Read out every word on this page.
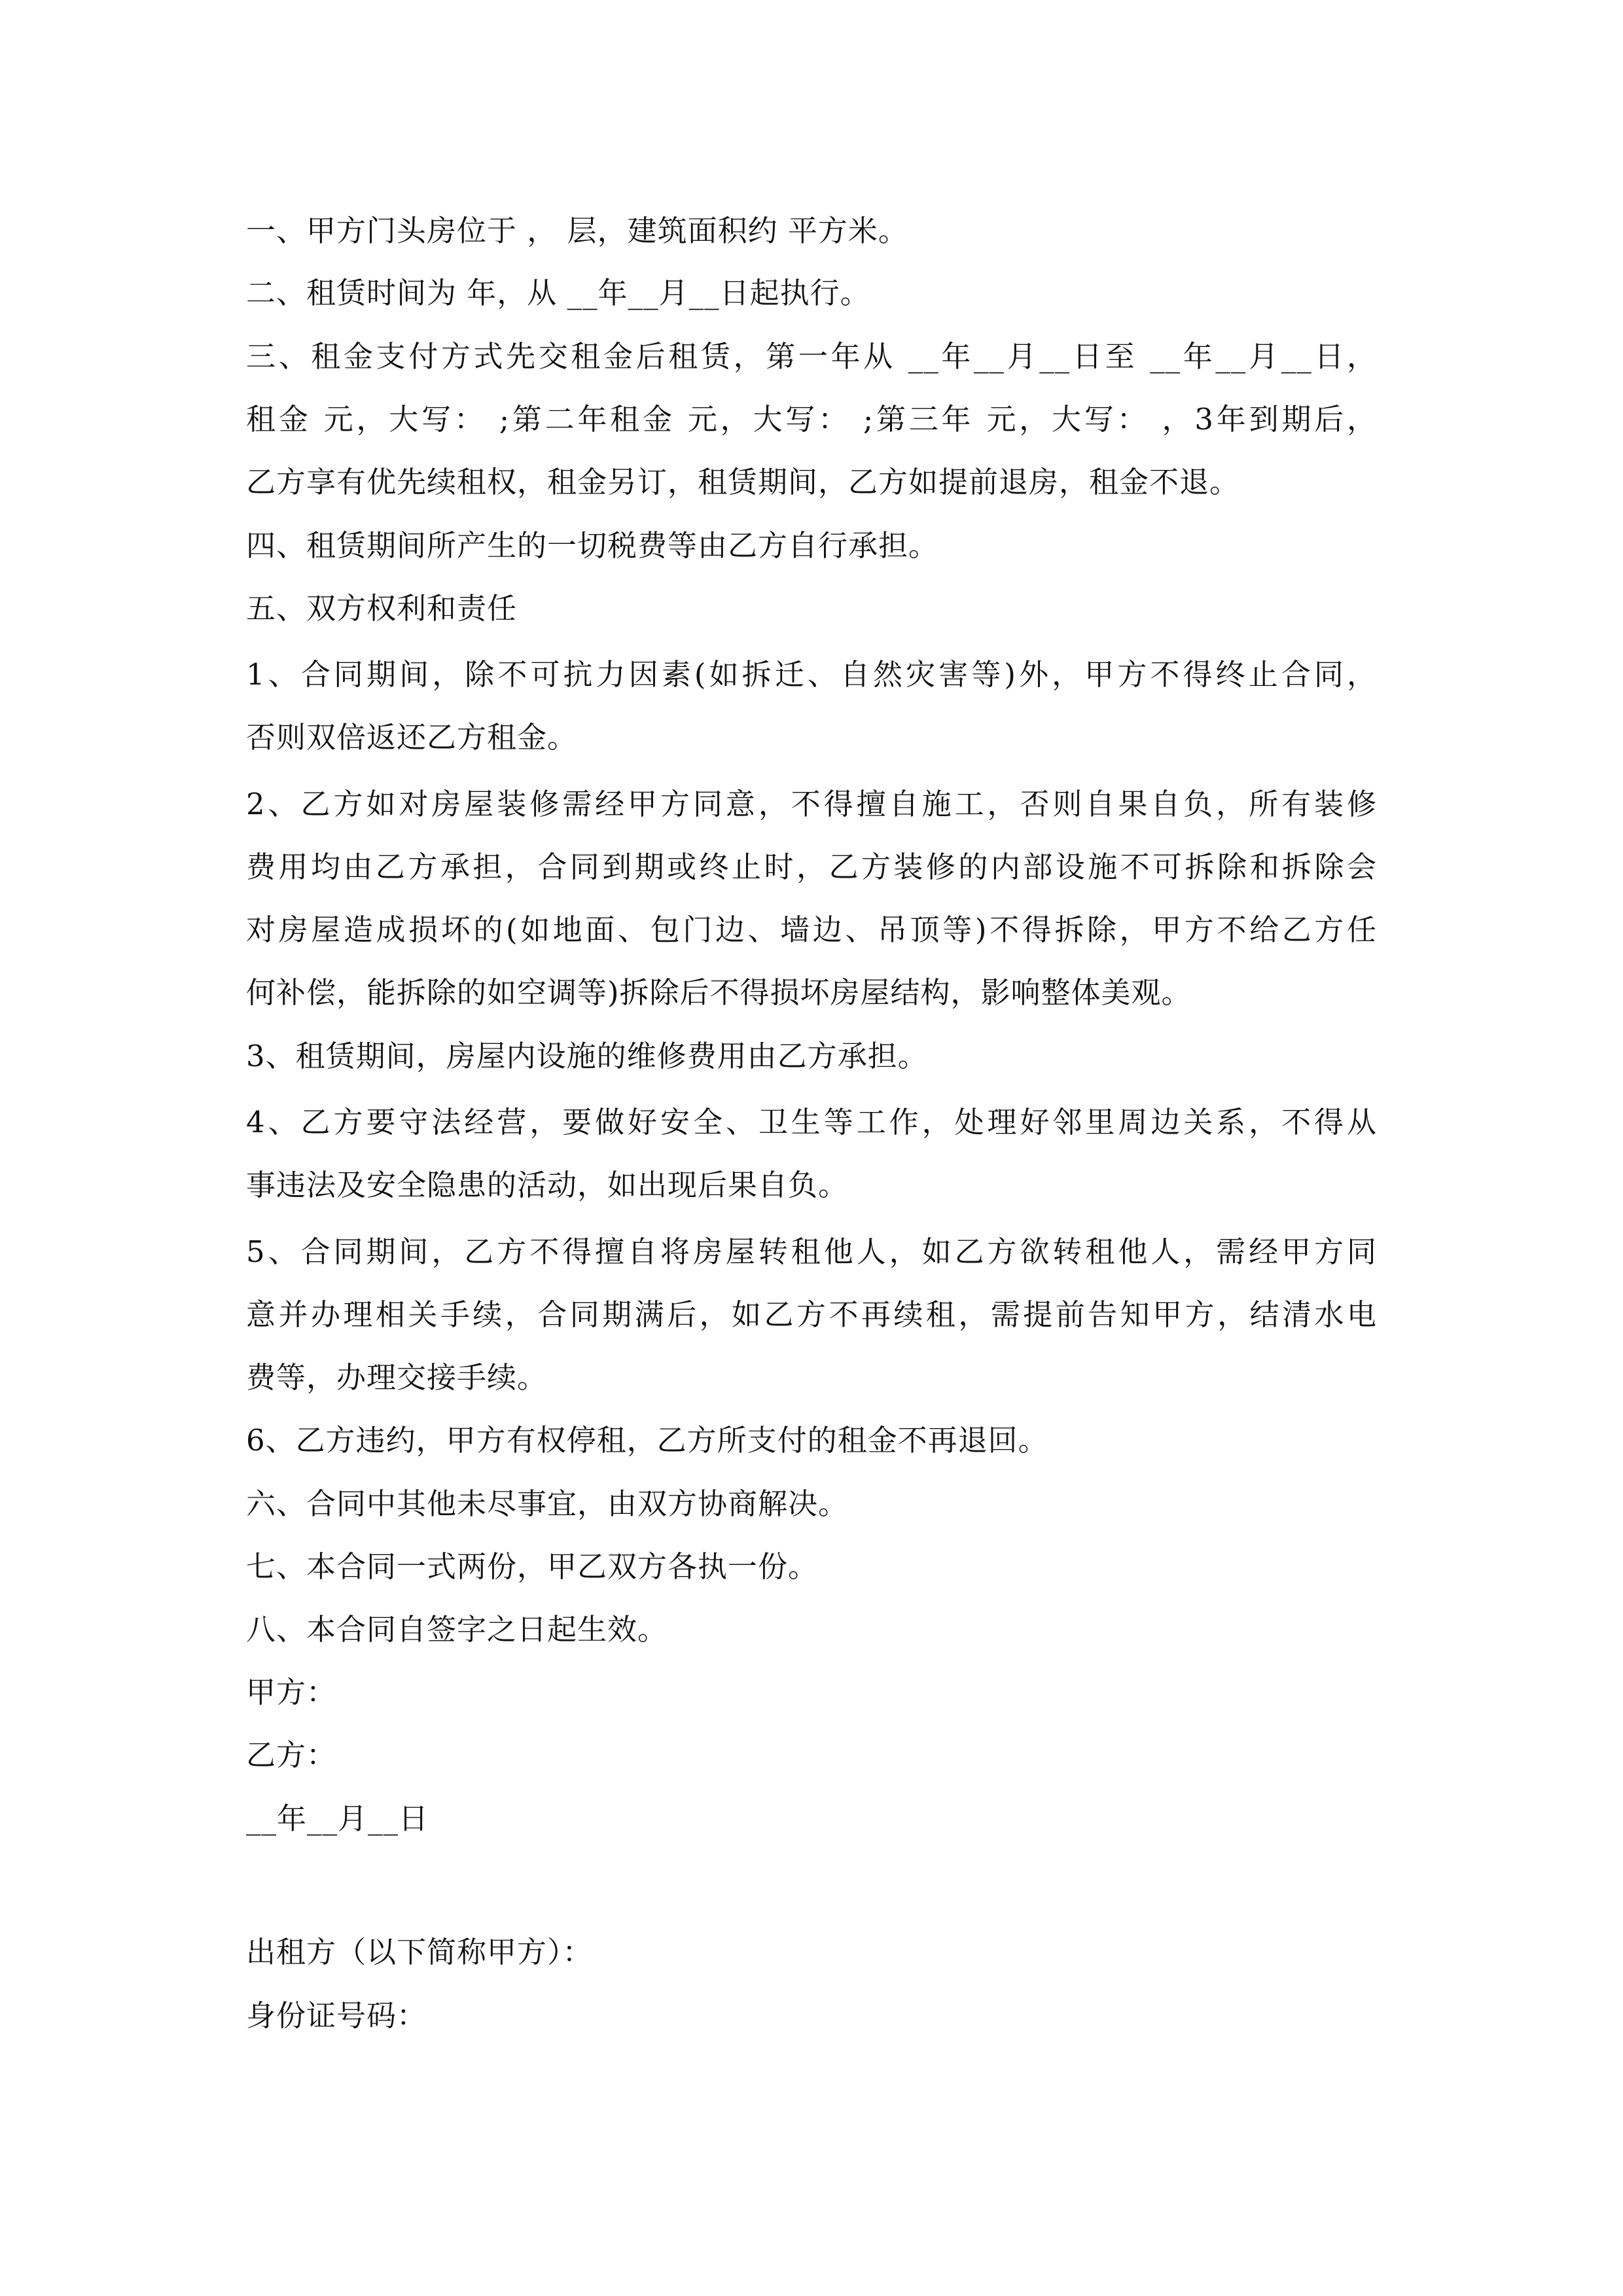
一、甲方门头房位于 ， 层，建筑面积约 平方米。
二、租赁时间为 年，从 __年__月__日起执行。
三、租金支付方式先交租金后租赁，第一年从 __年__月__日至 __年__月__日，
租金 元，大写： ;第二年租金 元，大写： ;第三年 元，大写： ，3年到期后，
乙方享有优先续租权，租金另订，租赁期间，乙方如提前退房，租金不退。
四、租赁期间所产生的一切税费等由乙方自行承担。
五、双方权利和责任
1、合同期间，除不可抗力因素(如拆迁、自然灾害等)外，甲方不得终止合同，
否则双倍返还乙方租金。
2、乙方如对房屋装修需经甲方同意，不得擅自施工，否则自果自负，所有装修
费用均由乙方承担，合同到期或终止时，乙方装修的内部设施不可拆除和拆除会
对房屋造成损坏的(如地面、包门边、墙边、吊顶等)不得拆除，甲方不给乙方任
何补偿，能拆除的如空调等)拆除后不得损坏房屋结构，影响整体美观。
3、租赁期间，房屋内设施的维修费用由乙方承担。
4、乙方要守法经营，要做好安全、卫生等工作，处理好邻里周边关系，不得从
事违法及安全隐患的活动，如出现后果自负。
5、合同期间，乙方不得擅自将房屋转租他人，如乙方欲转租他人，需经甲方同
意并办理相关手续，合同期满后，如乙方不再续租，需提前告知甲方，结清水电
费等，办理交接手续。
6、乙方违约，甲方有权停租，乙方所支付的租金不再退回。
六、合同中其他未尽事宜，由双方协商解决。
七、本合同一式两份，甲乙双方各执一份。
八、本合同自签字之日起生效。
甲方：
乙方：
__年__月__日
出租方（以下简称甲方）：
身份证号码：
